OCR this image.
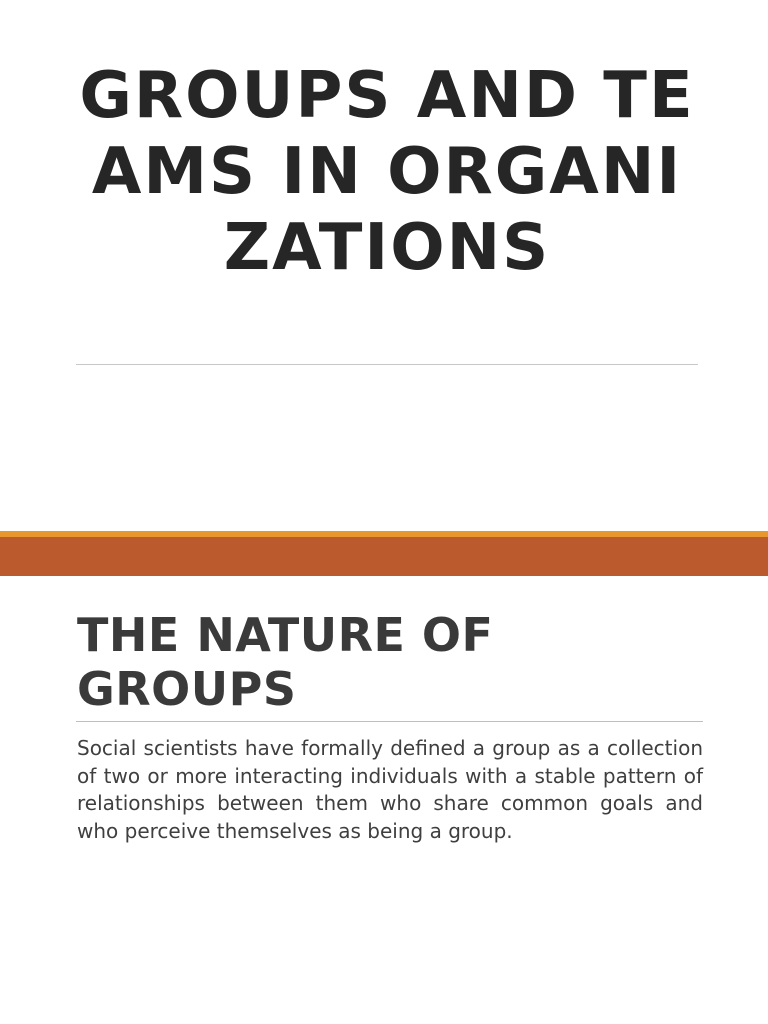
GROUPS AND TEAMS IN ORGANIZATIONS
THE NATURE OF GROUPS

Social scientists have formally defined a group as a collection of two or more interacting individuals with a stable pattern of relationships between them who share common goals and who perceive themselves as being a group.
